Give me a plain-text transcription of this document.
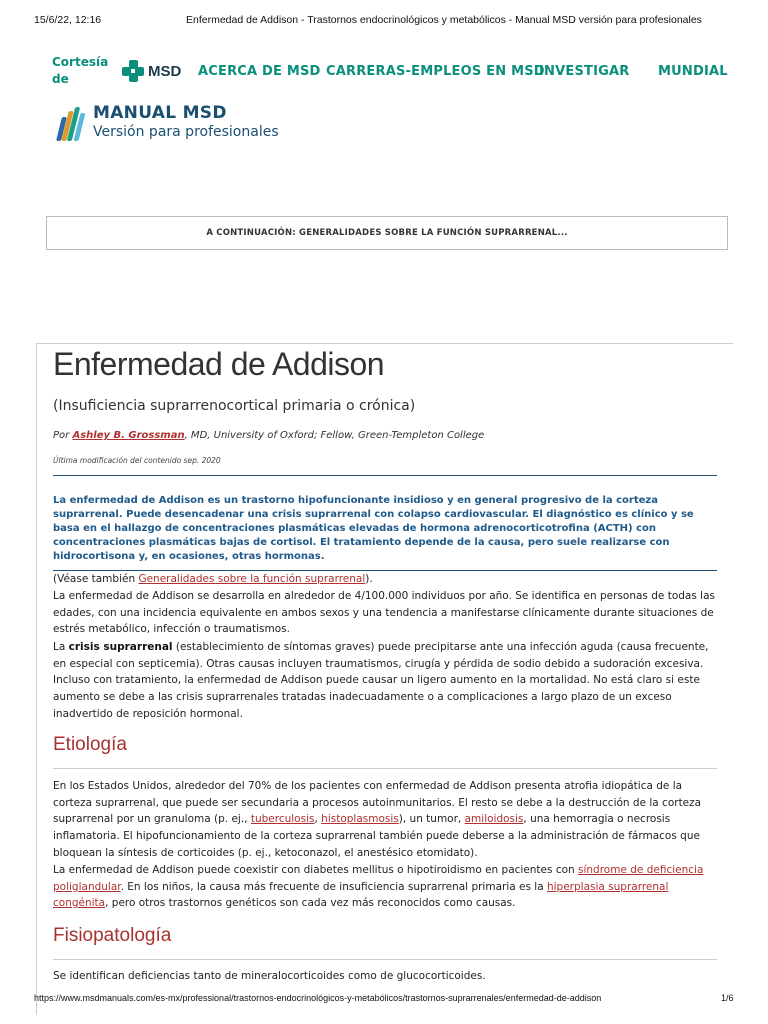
15/6/22, 12:16	Enfermedad de Addison - Trastornos endocrinológicos y metabólicos - Manual MSD versión para profesionales
Cortesía de	MSD ACERCA DE MSD CARRERAS-EMPLEOS EN MSD
INVESTIGAR MUNDIAL
MANUAL MSD
Versión para profesionales
A CONTINUACIÓN: GENERALIDADES SOBRE LA FUNCIÓN SUPRARRENAL...
Enfermedad de Addison
(Insuficiencia suprarrenocortical primaria o crónica)
Por Ashley B. Grossman, MD, University of Oxford; Fellow, Green-Templeton College
Última modificación del contenido sep. 2020
La enfermedad de Addison es un trastorno hipofuncionante insidioso y en general progresivo de la corteza suprarrenal. Puede desencadenar una crisis suprarrenal con colapso cardiovascular. El diagnóstico es clínico y se basa en el hallazgo de concentraciones plasmáticas elevadas de hormona adrenocorticotrofina (ACTH) con concentraciones plasmáticas bajas de cortisol. El tratamiento depende de la causa, pero suele realizarse con hidrocortisona y, en ocasiones, otras hormonas.
(Véase también Generalidades sobre la función suprarrenal).
La enfermedad de Addison se desarrolla en alrededor de 4/100.000 individuos por año. Se identifica en personas de todas las edades, con una incidencia equivalente en ambos sexos y una tendencia a manifestarse clínicamente durante situaciones de estrés metabólico, infección o traumatismos.
La crisis suprarrenal (establecimiento de síntomas graves) puede precipitarse ante una infección aguda (causa frecuente, en especial con septicemia). Otras causas incluyen traumatismos, cirugía y pérdida de sodio debido a sudoración excesiva. Incluso con tratamiento, la enfermedad de Addison puede causar un ligero aumento en la mortalidad. No está claro si este aumento se debe a las crisis suprarrenales tratadas inadecuadamente o a complicaciones a largo plazo de un exceso inadvertido de reposición hormonal.
Etiología
En los Estados Unidos, alrededor del 70% de los pacientes con enfermedad de Addison presenta atrofia idiopática de la corteza suprarrenal, que puede ser secundaria a procesos autoinmunitarios. El resto se debe a la destrucción de la corteza suprarrenal por un granuloma (p. ej., tuberculosis, histoplasmosis), un tumor, amiloidosis, una hemorragia o necrosis inflamatoria. El hipofuncionamiento de la corteza suprarrenal también puede deberse a la administración de fármacos que bloquean la síntesis de corticoides (p. ej., ketoconazol, el anestésico etomidato).
La enfermedad de Addison puede coexistir con diabetes mellitus o hipotiroidismo en pacientes con síndrome de deficiencia poliglandular. En los niños, la causa más frecuente de insuficiencia suprarrenal primaria es la hiperplasia suprarrenal congénita, pero otros trastornos genéticos son cada vez más reconocidos como causas.
Fisiopatología
Se identifican deficiencias tanto de mineralocorticoides como de glucocorticoides.
https://www.msdmanuals.com/es-mx/professional/trastornos-endocrinológicos-y-metabólicos/trastornos-suprarrenales/enfermedad-de-addison	1/6
